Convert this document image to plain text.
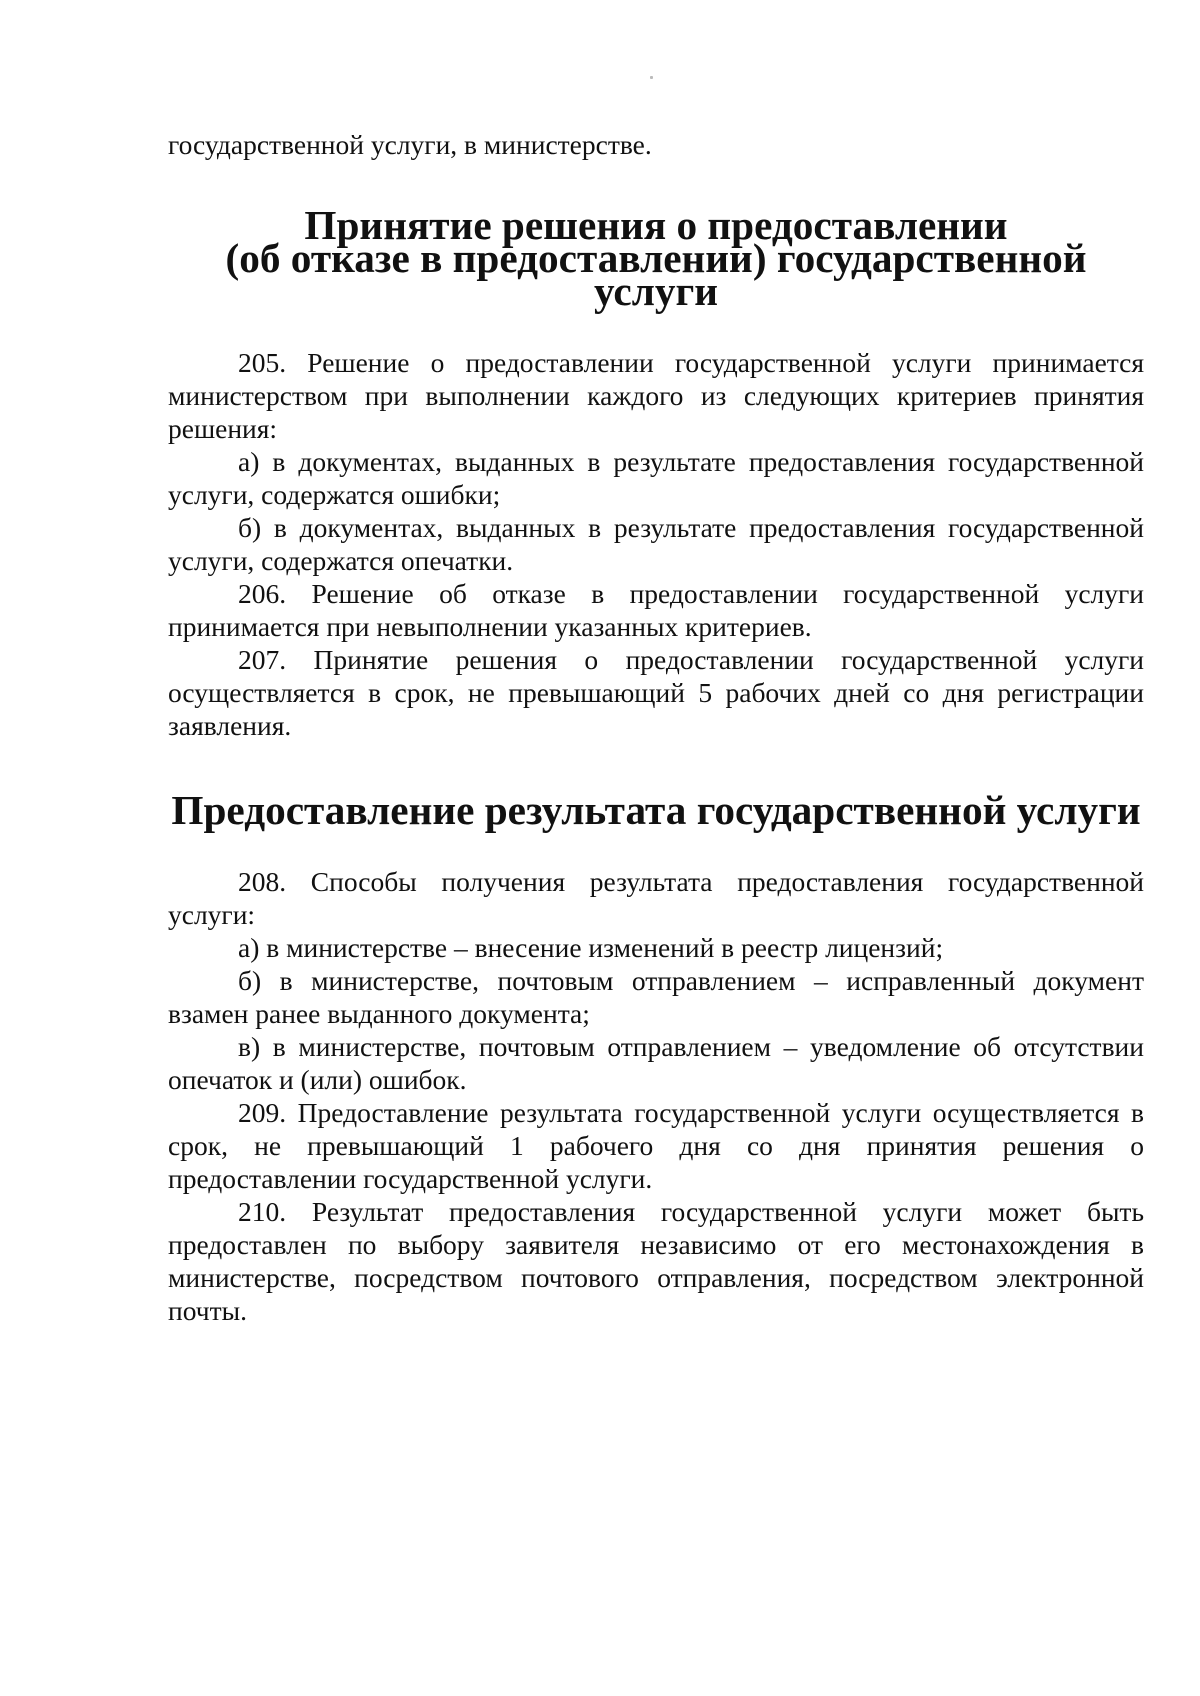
государственной услуги, в министерстве.

Принятие решения о предоставлении
(об отказе в предоставлении) государственной услуги

205. Решение о предоставлении государственной услуги принимается министерством при выполнении каждого из следующих критериев принятия решения:

а) в документах, выданных в результате предоставления государственной услуги, содержатся ошибки;

б) в документах, выданных в результате предоставления государственной услуги, содержатся опечатки.

206. Решение об отказе в предоставлении государственной услуги принимается при невыполнении указанных критериев.

207. Принятие решения о предоставлении государственной услуги осуществляется в срок, не превышающий 5 рабочих дней со дня регистрации заявления.

Предоставление результата государственной услуги

208. Способы получения результата предоставления государственной услуги:

а) в министерстве – внесение изменений в реестр лицензий;

б) в министерстве, почтовым отправлением – исправленный документ взамен ранее выданного документа;

в) в министерстве, почтовым отправлением – уведомление об отсутствии опечаток и (или) ошибок.

209. Предоставление результата государственной услуги осуществляется в срок, не превышающий 1 рабочего дня со дня принятия решения о предоставлении государственной услуги.

210. Результат предоставления государственной услуги может быть предоставлен по выбору заявителя независимо от его местонахождения в министерстве, посредством почтового отправления, посредством электронной почты.
